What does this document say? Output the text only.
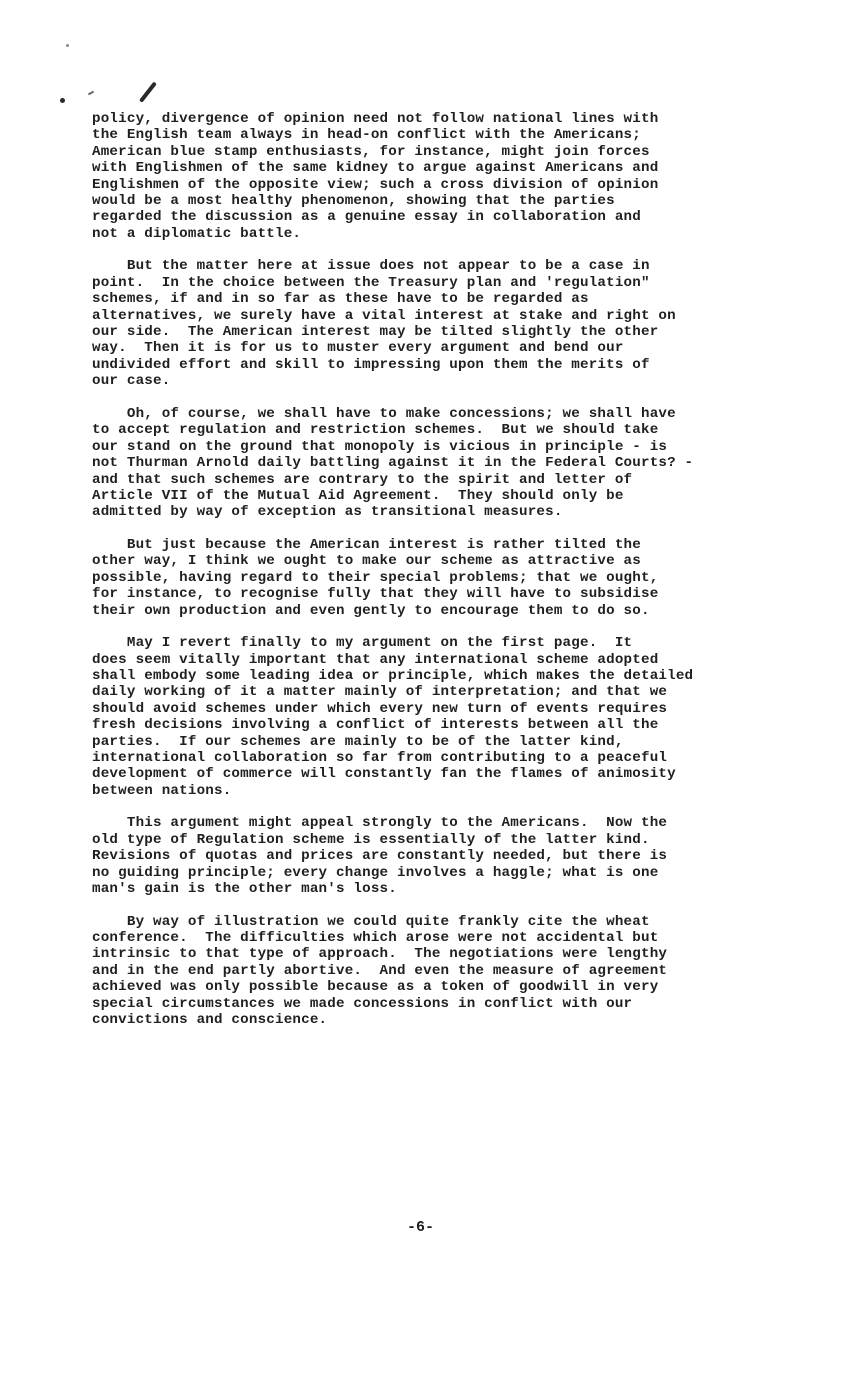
policy, divergence of opinion need not follow national lines with
the English team always in head-on conflict with the Americans;
American blue stamp enthusiasts, for instance, might join forces
with Englishmen of the same kidney to argue against Americans and
Englishmen of the opposite view; such a cross division of opinion
would be a most healthy phenomenon, showing that the parties
regarded the discussion as a genuine essay in collaboration and
not a diplomatic battle.

But the matter here at issue does not appear to be a case in
point.  In the choice between the Treasury plan and 'regulation"
schemes, if and in so far as these have to be regarded as
alternatives, we surely have a vital interest at stake and right on
our side.  The American interest may be tilted slightly the other
way.  Then it is for us to muster every argument and bend our
undivided effort and skill to impressing upon them the merits of
our case.

Oh, of course, we shall have to make concessions; we shall have
to accept regulation and restriction schemes.  But we should take
our stand on the ground that monopoly is vicious in principle - is
not Thurman Arnold daily battling against it in the Federal Courts? -
and that such schemes are contrary to the spirit and letter of
Article VII of the Mutual Aid Agreement.  They should only be
admitted by way of exception as transitional measures.

But just because the American interest is rather tilted the
other way, I think we ought to make our scheme as attractive as
possible, having regard to their special problems; that we ought,
for instance, to recognise fully that they will have to subsidise
their own production and even gently to encourage them to do so.

May I revert finally to my argument on the first page.  It
does seem vitally important that any international scheme adopted
shall embody some leading idea or principle, which makes the detailed
daily working of it a matter mainly of interpretation; and that we
should avoid schemes under which every new turn of events requires
fresh decisions involving a conflict of interests between all the
parties.  If our schemes are mainly to be of the latter kind,
international collaboration so far from contributing to a peaceful
development of commerce will constantly fan the flames of animosity
between nations.

This argument might appeal strongly to the Americans.  Now the
old type of Regulation scheme is essentially of the latter kind.
Revisions of quotas and prices are constantly needed, but there is
no guiding principle; every change involves a haggle; what is one
man's gain is the other man's loss.

By way of illustration we could quite frankly cite the wheat
conference.  The difficulties which arose were not accidental but
intrinsic to that type of approach.  The negotiations were lengthy
and in the end partly abortive.  And even the measure of agreement
achieved was only possible because as a token of goodwill in very
special circumstances we made concessions in conflict with our
convictions and conscience.

-6-
